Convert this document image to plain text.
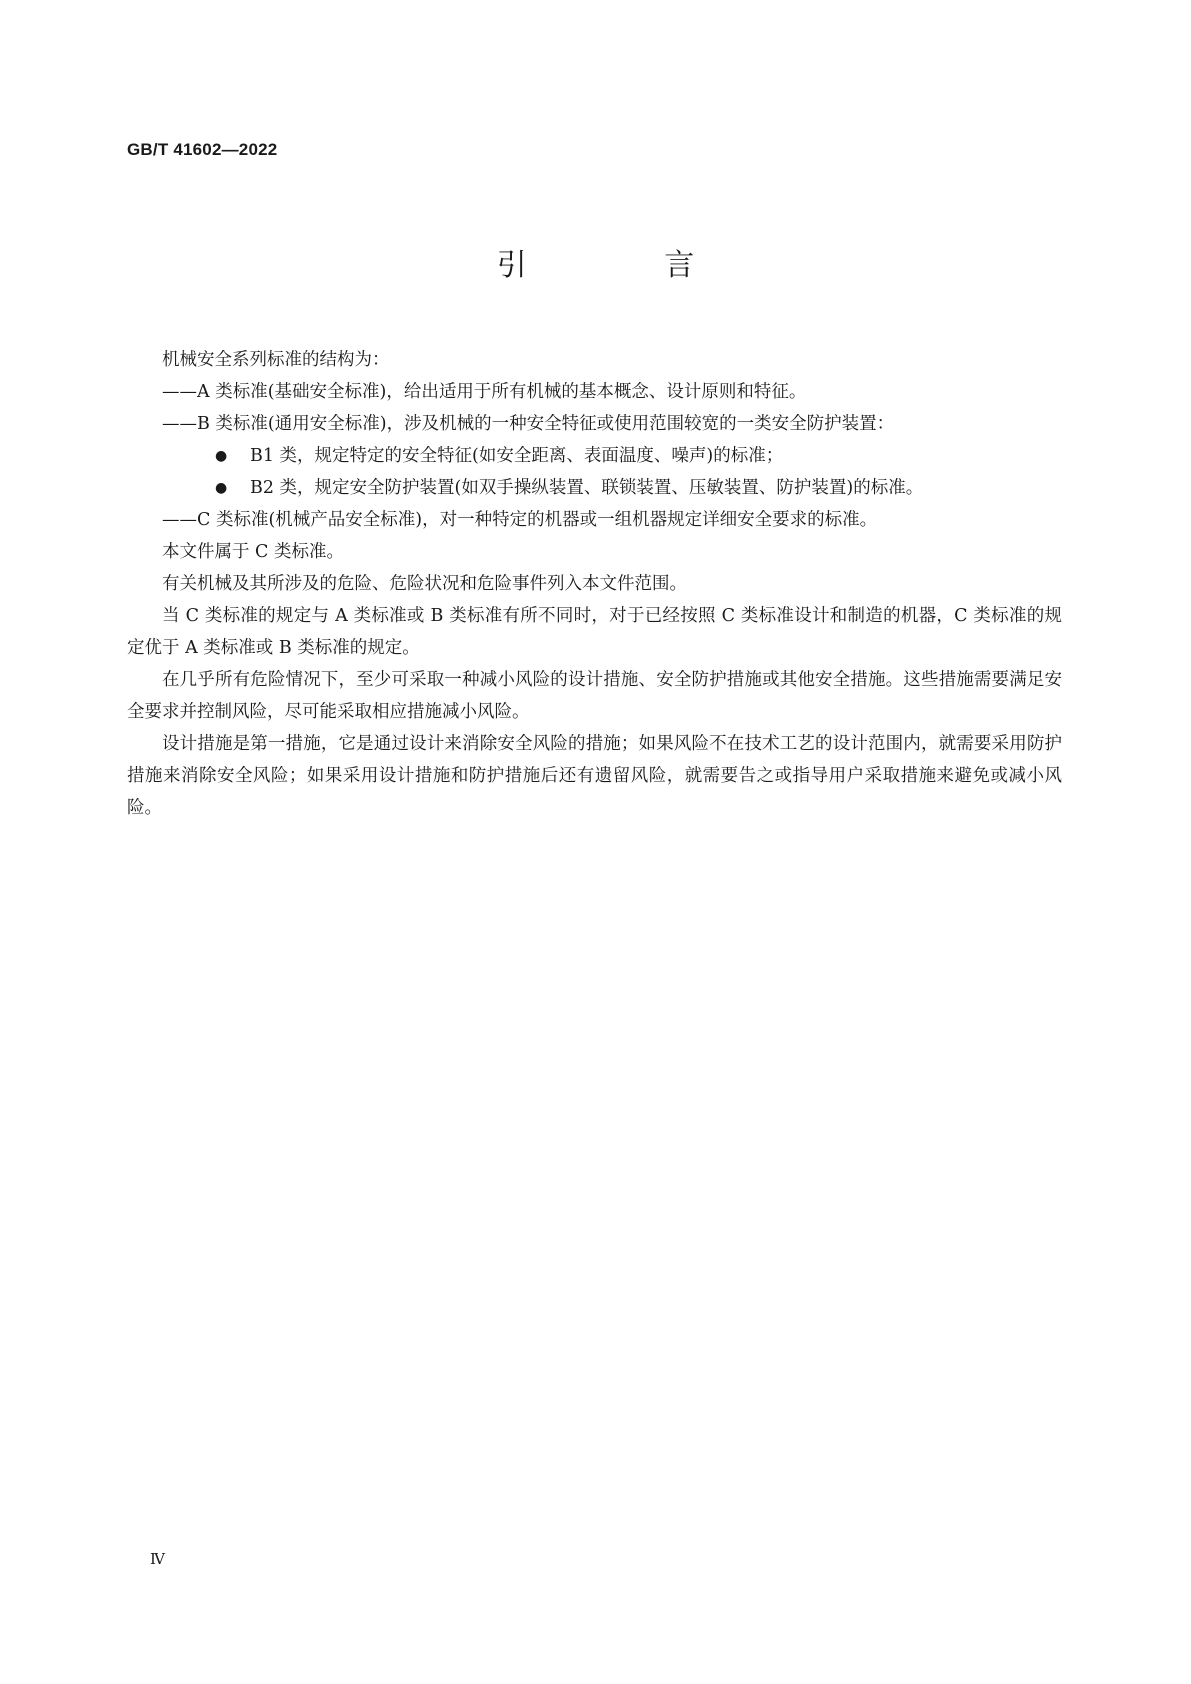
GB/T 41602—2022
引 言

机械安全系列标准的结构为：

——A 类标准(基础安全标准)，给出适用于所有机械的基本概念、设计原则和特征。

——B 类标准(通用安全标准)，涉及机械的一种安全特征或使用范围较宽的一类安全防护装置：

●	B1 类，规定特定的安全特征(如安全距离、表面温度、噪声)的标准；

●	B2 类，规定安全防护装置(如双手操纵装置、联锁装置、压敏装置、防护装置)的标准。

——C 类标准(机械产品安全标准)，对一种特定的机器或一组机器规定详细安全要求的标准。

本文件属于 C 类标准。

有关机械及其所涉及的危险、危险状况和危险事件列入本文件范围。

当 C 类标准的规定与 A 类标准或 B 类标准有所不同时，对于已经按照 C 类标准设计和制造的机器，C 类标准的规定优于 A 类标准或 B 类标准的规定。

在几乎所有危险情况下，至少可采取一种减小风险的设计措施、安全防护措施或其他安全措施。这些措施需要满足安全要求并控制风险，尽可能采取相应措施减小风险。

设计措施是第一措施，它是通过设计来消除安全风险的措施；如果风险不在技术工艺的设计范围内，就需要采用防护措施来消除安全风险；如果采用设计措施和防护措施后还有遗留风险，就需要告之或指导用户采取措施来避免或减小风险。

Ⅳ
